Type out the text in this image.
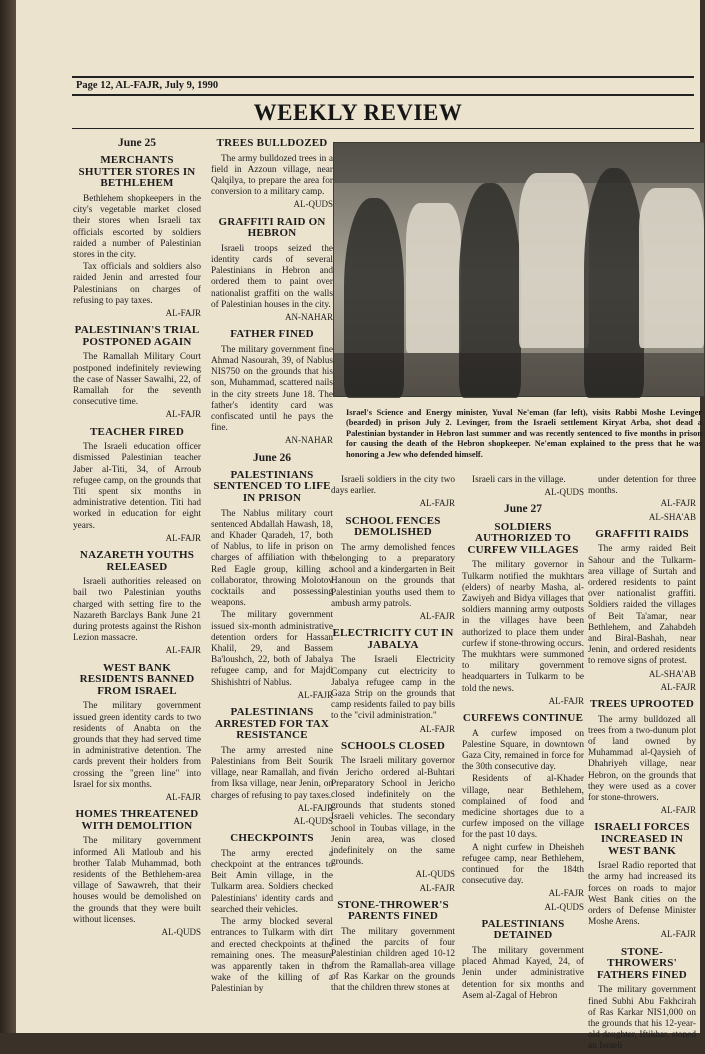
Page 12, AL-FAJR, July 9, 1990
WEEKLY REVIEW
June 25
MERCHANTS SHUTTER STORES IN BETHLEHEM

Bethlehem shopkeepers in the city's vegetable market closed their stores when Israeli tax officials escorted by soldiers raided a number of Palestinian stores in the city.

Tax officials and soldiers also raided Jenin and arrested four Palestinians on charges of refusing to pay taxes.

AL-FAJR
PALESTINIAN'S TRIAL POSTPONED AGAIN

The Ramallah Military Court postponed indefinitely reviewing the case of Nasser Sawalhi, 22, of Ramallah for the seventh consecutive time.

AL-FAJR
TEACHER FIRED

The Israeli education officer dismissed Palestinian teacher Jaber al-Titi, 34, of Arroub refugee camp, on the grounds that Titi spent six months in administrative detention. Titi had worked in education for eight years.

AL-FAJR
NAZARETH YOUTHS RELEASED

Israeli authorities released on bail two Palestinian youths charged with setting fire to the Nazareth Barclays Bank June 21 during protests against the Rishon Lezion massacre.

AL-FAJR
WEST BANK RESIDENTS BANNED FROM ISRAEL

The military government issued green identity cards to two residents of Anabta on the grounds that they had served time in administrative detention. The cards prevent their holders from crossing the "green line" into Israel for six months.

AL-FAJR
HOMES THREATENED WITH DEMOLITION

The military government informed Ali Matloub and his brother Talab Muhammad, both residents of the Bethlehem-area village of Sawawreh, that their houses would be demolished on the grounds that they were built without licenses.

AL-QUDS
TREES BULLDOZED

The army bulldozed trees in a field in Azzoun village, near Qalqilya, to prepare the area for conversion to a military camp.

AL-QUDS
GRAFFITI RAID ON HEBRON

Israeli troops seized the identity cards of several Palestinians in Hebron and ordered them to paint over nationalist graffiti on the walls of Palestinian houses in the city.

AN-NAHAR
FATHER FINED

The military government fine Ahmad Nasourah, 39, of Nablus NIS750 on the grounds that his son, Muhammad, scattered nails in the city streets June 18. The father's identity card was confiscated until he pays the fine.

AN-NAHAR
June 26
PALESTINIANS SENTENCED TO LIFE IN PRISON

The Nablus military court sentenced Abdallah Hawash, 18, and Khader Qaradeh, 17, both of Nablus, to life in prison on charges of affiliation with the Red Eagle group, killing a collaborator, throwing Molotov cocktails and possessing weapons.

The military government issued six-month administrative detention orders for Hassan Khalil, 29, and Bassem Ba'loushch, 22, both of Jabalya refugee camp, and for Majdi Shishishtri of Nablus.

AL-FAJR
PALESTINIANS ARRESTED FOR TAX RESISTANCE

The army arrested nine Palestinians from Beit Sourik village, near Ramallah, and five from Iksa village, near Jenin, on charges of refusing to pay taxes.

AL-FAJR
AL-QUDS
CHECKPOINTS

The army erected a checkpoint at the entrances to Beit Amin village, in the Tulkarm area. Soldiers checked Palestinians' identity cards and searched their vehicles.

The army blocked several entrances to Tulkarm with dirt and erected checkpoints at the remaining ones. The measure was apparently taken in the wake of the killing of a Palestinian by

Israel's Science and Energy minister, Yuval Ne'eman (far left), visits Rabbi Moshe Levinger (bearded) in prison July 2. Levinger, from the Israeli settlement Kiryat Arba, shot dead a Palestinian bystander in Hebron last summer and was recently sentenced to five months in prison for causing the death of the Hebron shopkeeper. Ne'eman explained to the press that he was honoring a Jew who defended himself.

Israeli soldiers in the city two days earlier.

AL-FAJR
SCHOOL FENCES DEMOLISHED

The army demolished fences belonging to a preparatory school and a kindergarten in Beit Hanoun on the grounds that Palestinian youths used them to ambush army patrols.

AL-FAJR
ELECTRICITY CUT IN JABALYA

The Israeli Electricity Company cut electricity to Jabalya refugee camp in the Gaza Strip on the grounds that camp residents failed to pay bills to the "civil administration."

AL-FAJR
SCHOOLS CLOSED

The Israeli military governor in Jericho ordered al-Buhtari Preparatory School in Jericho closed indefinitely on the grounds that students stoned Israeli vehicles. The secondary school in Toubas village, in the Jenin area, was closed indefinitely on the same grounds.

AL-QUDS
AL-FAJR
STONE-THROWER'S PARENTS FINED

The military government fined the parcits of four Palestinian children aged 10-12 from the Ramallah-area village of Ras Karkar on the grounds that the children threw stones at

Israeli cars in the village.

AL-QUDS
June 27
SOLDIERS AUTHORIZED TO CURFEW VILLAGES

The military governor in Tulkarm notified the mukhtars (elders) of nearby Masha, al-Zawiyeh and Bidya villages that soldiers manning army outposts in the villages have been authorized to place them under curfew if stone-throwing occurs. The mukhtars were summoned to military government headquarters in Tulkarm to be told the news.

AL-FAJR
CURFEWS CONTINUE

A curfew imposed on Palestine Square, in downtown Gaza City, remained in force for the 30th consecutive day.

Residents of al-Khader village, near Bethlehem, complained of food and medicine shortages due to a curfew imposed on the village for the past 10 days.

A night curfew in Dheisheh refugee camp, near Bethlehem, continued for the 184th consecutive day.

AL-FAJR
AL-QUDS
PALESTINIANS DETAINED

The military government placed Ahmad Kayed, 24, of Jenin under administrative detention for six months and Asem al-Zagal of Hebron

under detention for three months.

AL-FAJR
AL-SHA'AB
GRAFFITI RAIDS

The army raided Beit Sahour and the Tulkarm-area village of Surtah and ordered residents to paint over nationalist graffiti. Soldiers raided the villages of Beit Ta'amar, near Bethlehem, and Zahabdeh and Biral-Bashah, near Jenin, and ordered residents to remove signs of protest.

AL-SHA'AB
AL-FAJR
TREES UPROOTED

The army bulldozed all trees from a two-dunum plot of land owned by Muhammad al-Qaysieh of Dhahriyeh village, near Hebron, on the grounds that they were used as a cover for stone-throwers.

AL-FAJR
ISRAELI FORCES INCREASED IN WEST BANK

Israel Radio reported that the army had increased its forces on roads to major West Bank cities on the orders of Defense Minister Moshe Arens.

AL-FAJR
STONE-THROWERS' FATHERS FINED

The military government fined Subhi Abu Fakhcirah of Ras Karkar NIS1,000 on the grounds that his 12-year-old daughter, Iftikhar, stoned an Israeli
